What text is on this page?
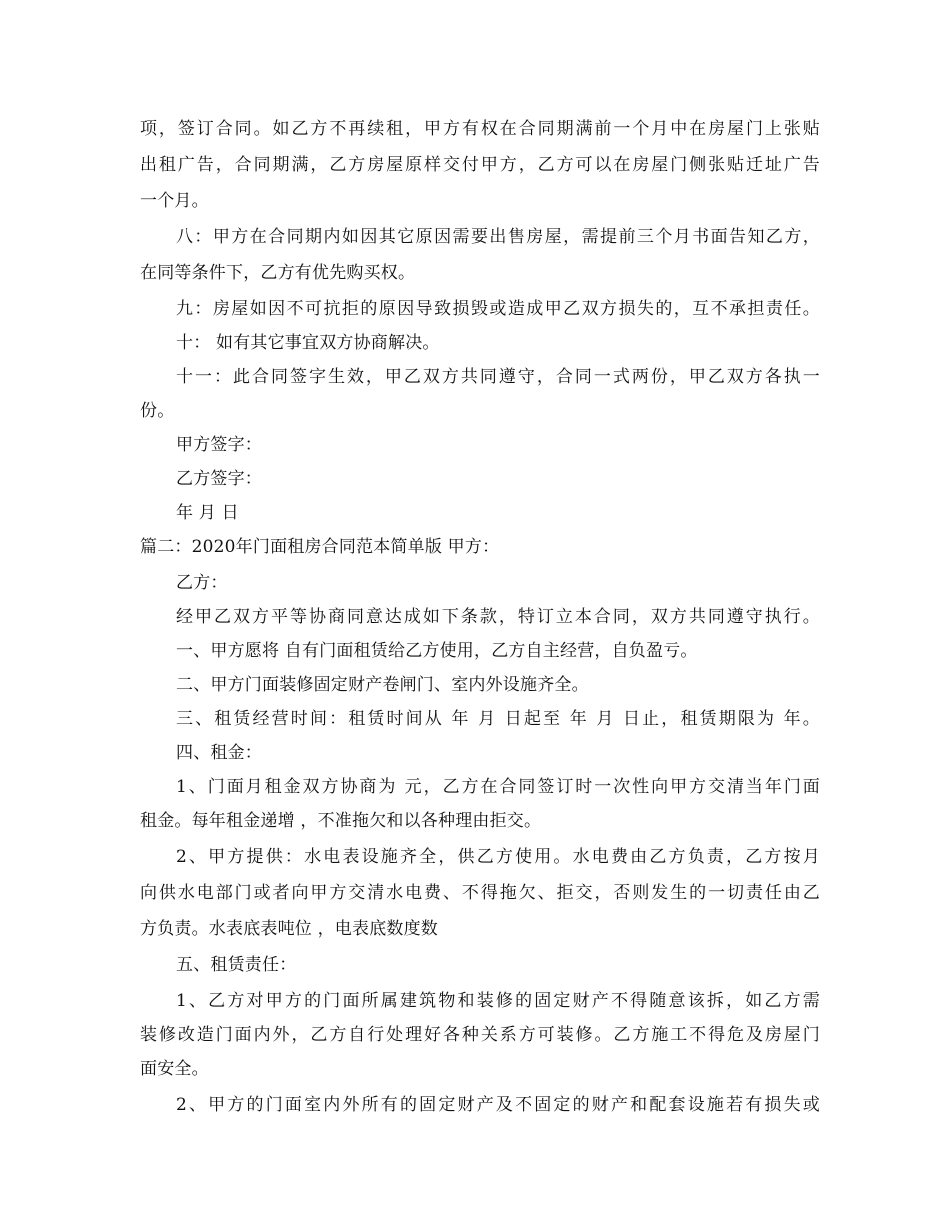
项，签订合同。如乙方不再续租，甲方有权在合同期满前一个月中在房屋门上张贴
出租广告，合同期满，乙方房屋原样交付甲方，乙方可以在房屋门侧张贴迁址广告
一个月。
八：甲方在合同期内如因其它原因需要出售房屋，需提前三个月书面告知乙方，
在同等条件下，乙方有优先购买权。
九：房屋如因不可抗拒的原因导致损毁或造成甲乙双方损失的，互不承担责任。
十： 如有其它事宜双方协商解决。
十一：此合同签字生效，甲乙双方共同遵守，合同一式两份，甲乙双方各执一
份。
甲方签字：
乙方签字：
年 月 日
篇二：2020年门面租房合同范本简单版 甲方：
乙方：
经甲乙双方平等协商同意达成如下条款，特订立本合同，双方共同遵守执行。
一、甲方愿将 自有门面租赁给乙方使用，乙方自主经营，自负盈亏。
二、甲方门面装修固定财产卷闸门、室内外设施齐全。
三、租赁经营时间：租赁时间从 年 月 日起至 年 月 日止，租赁期限为 年。
四、租金：
1、门面月租金双方协商为 元，乙方在合同签订时一次性向甲方交清当年门面
租金。每年租金递增 ，不准拖欠和以各种理由拒交。
2、甲方提供：水电表设施齐全，供乙方使用。水电费由乙方负责，乙方按月
向供水电部门或者向甲方交清水电费、不得拖欠、拒交，否则发生的一切责任由乙
方负责。水表底表吨位 ，电表底数度数
五、租赁责任：
1、乙方对甲方的门面所属建筑物和装修的固定财产不得随意该拆，如乙方需
装修改造门面内外，乙方自行处理好各种关系方可装修。乙方施工不得危及房屋门
面安全。
2、甲方的门面室内外所有的固定财产及不固定的财产和配套设施若有损失或
